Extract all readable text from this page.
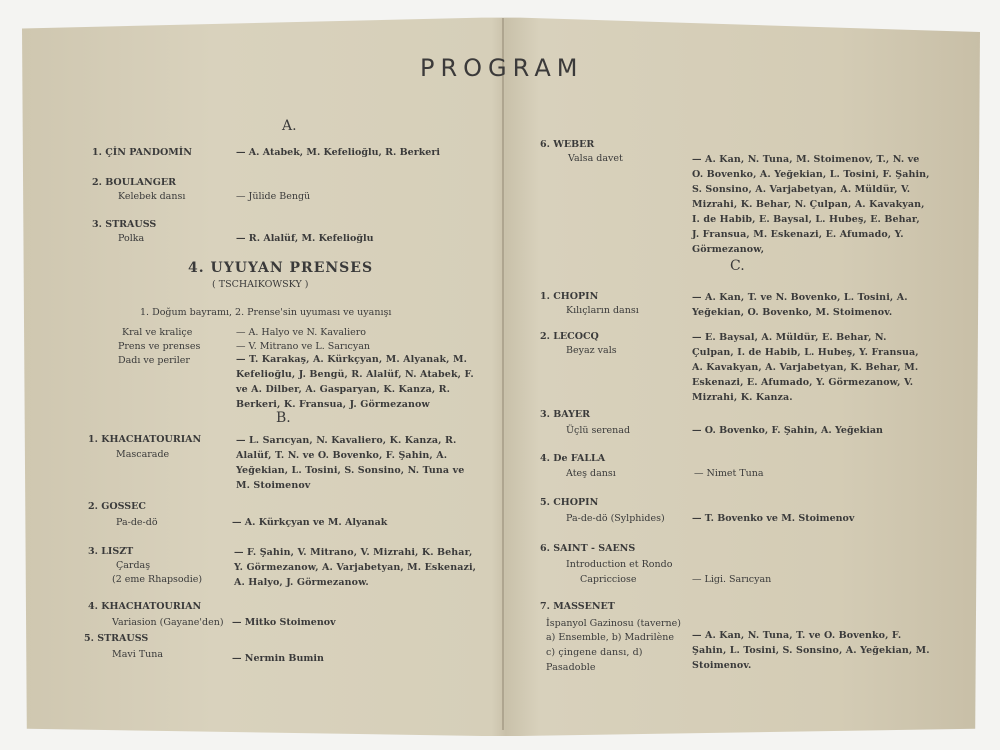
PROGRAM
A.
1. ÇİN PANDOMİN	— A. Atabek, M. Kefelioğlu, R. Berkeri
2. BOULANGER
Kelebek dansı	— Jülide Bengü
3. STRAUSS
Polka	— R. Alalüf, M. Kefelioğlu
4. UYUYAN PRENSES
( TSCHAIKOWSKY )
1. Doğum bayramı, 2. Prense'sin uyuması ve uyanışı
Kral ve kraliçe	— A. Halyo ve N. Kavaliero
Prens ve prenses	— V. Mitrano ve L. Sarıcyan
Dadı ve periler	— T. Karakaş, A. Kürkçyan, M. Alyanak, M. Kefelioğlu, J. Bengü, R. Alalüf, N. Atabek, F. ve A. Dilber, A. Gasparyan, K. Kanza, R. Berkeri, K. Fransua, J. Görmezanow
B.
1. KHACHATOURIAN
Mascarade
— L. Sarıcyan, N. Kavaliero, K. Kanza, R. Alalüf, T. N. ve O. Bovenko, F. Şahin, A. Yeğekian, L. Tosini, S. Sonsino, N. Tuna ve M. Stoimenov
2. GOSSEC
Pa-de-dö	— A. Kürkçyan ve M. Alyanak
3. LISZT
Çardaş
(2 eme Rhapsodie)
— F. Şahin, V. Mitrano, V. Mizrahi, K. Behar, Y. Görmezanow, A. Varjabetyan, M. Eskenazi, A. Halyo, J. Görmezanow.
4. KHACHATOURIAN
Variasion (Gayane'den) — Mitko Stoimenov
5. STRAUSS
Mavi Tuna	— Nermin Bumin
6. WEBER
Valsa davet	— A. Kan, N. Tuna, M. Stoimenov, T., N. ve O. Bovenko, A. Yeğekian, L. Tosini, F. Şahin, S. Sonsino, A. Varjabetyan, A. Müldür, V. Mizrahi, K. Behar, N. Çulpan, A. Kavakyan, I. de Habib, E. Baysal, L. Hubeş, E. Behar, J. Fransua, M. Eskenazi, E. Afumado, Y. Görmezanow,
C.
1. CHOPIN
Kılıçların dansı
— A. Kan, T. ve N. Bovenko, L. Tosini, A. Yeğekian, O. Bovenko, M. Stoimenov.
2. LECOCQ
Beyaz vals
— E. Baysal, A. Müldür, E. Behar, N. Çulpan, I. de Habib, L. Hubeş, Y. Fransua, A. Kavakyan, A. Varjabetyan, K. Behar, M. Eskenazi, E. Afumado, Y. Görmezanow, V. Mizrahi, K. Kanza.
3. BAYER
Üçlü serenad	— O. Bovenko, F. Şahin, A. Yeğekian
4. De FALLA
Ateş dansı	— Nimet Tuna
5. CHOPIN
Pa-de-dö (Sylphides)	— T. Bovenko ve M. Stoimenov
6. SAINT - SAENS
Introduction et Rondo
Capricciose	— Ligi. Sarıcyan
7. MASSENET
İspanyol Gazinosu (taverne)
a) Ensemble, b) Madrilène
c) çingene dansı, d) Pasadoble
— A. Kan, N. Tuna, T. ve O. Bovenko, F. Şahin, L. Tosini, S. Sonsino, A. Yeğekian, M. Stoimenov.
